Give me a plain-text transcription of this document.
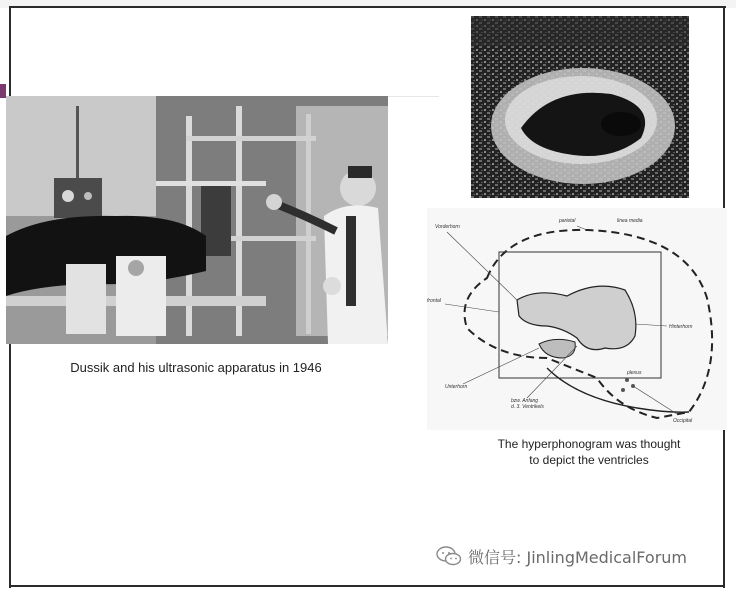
Dussik and his ultrasonic apparatus in 1946
Vorderhorn
parietal	linea media
frontal
Hinterhorn
Unterhorn
plexus
bzw. Anfang
d. 3. Ventrikels
Occipital
The hyperphonogram was thought
to depict the ventricles
微信号: JinlingMedicalForum
